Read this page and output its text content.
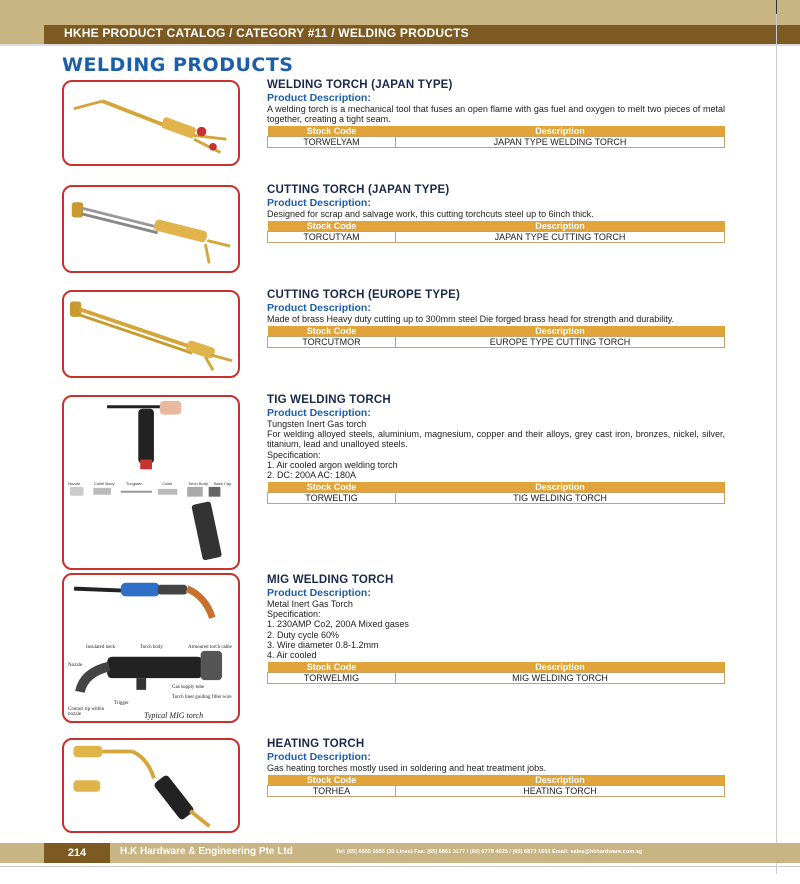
HKHE PRODUCT CATALOG / CATEGORY #11 / WELDING PRODUCTS
WELDING PRODUCTS
WELDING TORCH (JAPAN TYPE)
Product Description:
A welding torch is a mechanical tool that fuses an open flame with gas fuel and oxygen to melt two pieces of metal together, creating a tight seam.
Stock Code	Description
TORWELYAM	JAPAN TYPE WELDING TORCH
CUTTING TORCH (JAPAN TYPE)
Product Description:
Designed for scrap and salvage work, this cutting torchcuts steel up to 6inch thick.
Stock Code	Description
TORCUTYAM	JAPAN TYPE CUTTING TORCH
CUTTING TORCH (EUROPE TYPE)
Product Description:
Made of brass Heavy duty cutting up to 300mm steel Die forged brass head for strength and durability.
Stock Code	Description
TORCUTMOR	EUROPE TYPE CUTTING TORCH
Nozzle	Collet Body	Tungsten	Collet	Torch Body Back Cap
TIG WELDING TORCH
Product Description:
Tungsten Inert Gas torch
For welding alloyed steels, aluminium, magnesium, copper and their alloys, grey cast iron, bronzes, nickel, silver, titanium, lead and unalloyed steels.
Specification:
1. Air cooled argon welding torch
2. DC: 200A AC: 180A
Stock Code	Description
TORWELTIG	TIG WELDING TORCH
Insulated neck	Torch body	Armoured torch cable
Nozzle
Gas supply tube
Trigger
Torch liner guiding filler wire
Contact tip within nozzle	Typical MIG torch
MIG WELDING TORCH
Product Description:
Metal Inert Gas Torch
Specification:
1. 230AMP Co2, 200A Mixed gases
2. Duty cycle 60%
3. Wire diameter 0.8-1.2mm
4. Air cooled
Stock Code	Description
TORWELMIG	MIG WELDING TORCH
HEATING TORCH
Product Description:
Gas heating torches mostly used in soldering and heat treatment jobs.
Stock Code	Description
TORHEA	HEATING TORCH
214	H.K Hardware & Engineering Pte Ltd	Tel: (65) 6565 5555 (30 Lines) Fax: (65) 6861 3177 / (65) 6778 4025 / (65) 6873 1602 Email: sales@hkhardware.com.sg
